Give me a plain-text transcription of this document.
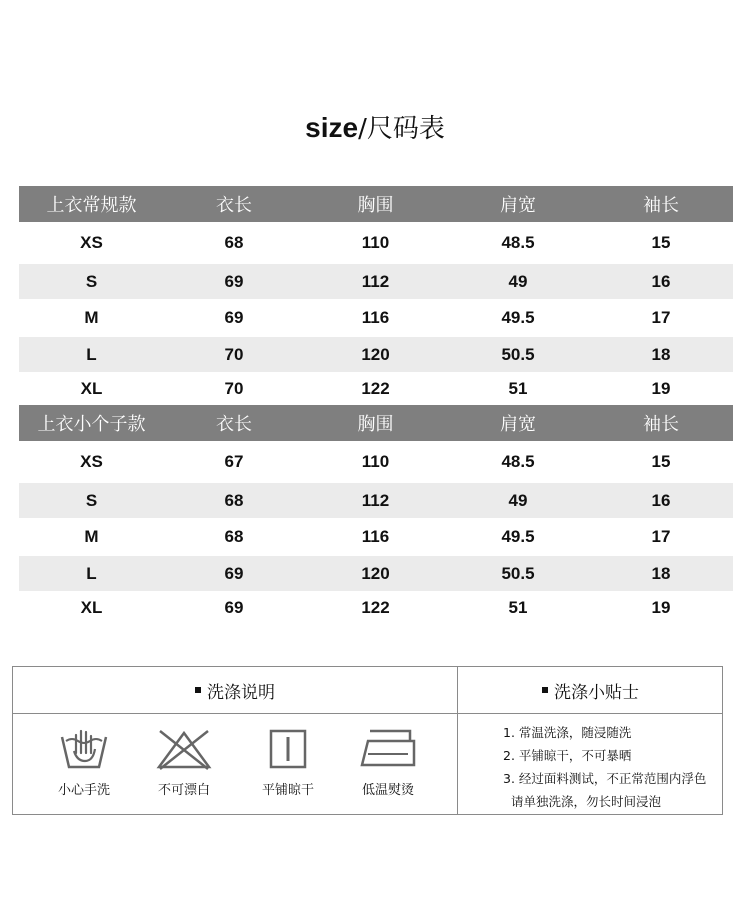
size/尺码表
上衣常规款	衣长	胸围	肩宽	袖长
XS	68	110	48.5	15
S	69	112	49	16
M	69	116	49.5	17
L	70	120	50.5	18
XL	70	122	51	19
上衣小个子款	衣长	胸围	肩宽	袖长
XS	67	110	48.5	15
S	68	112	49	16
M	68	116	49.5	17
L	69	120	50.5	18
XL	69	122	51	19
洗涤说明	洗涤小贴士
小心手洗	不可漂白	平铺晾干	低温熨烫
1. 常温洗涤，随浸随洗
2. 平铺晾干，不可暴晒
3. 经过面料测试，不正常范围内浮色
请单独洗涤，勿长时间浸泡
